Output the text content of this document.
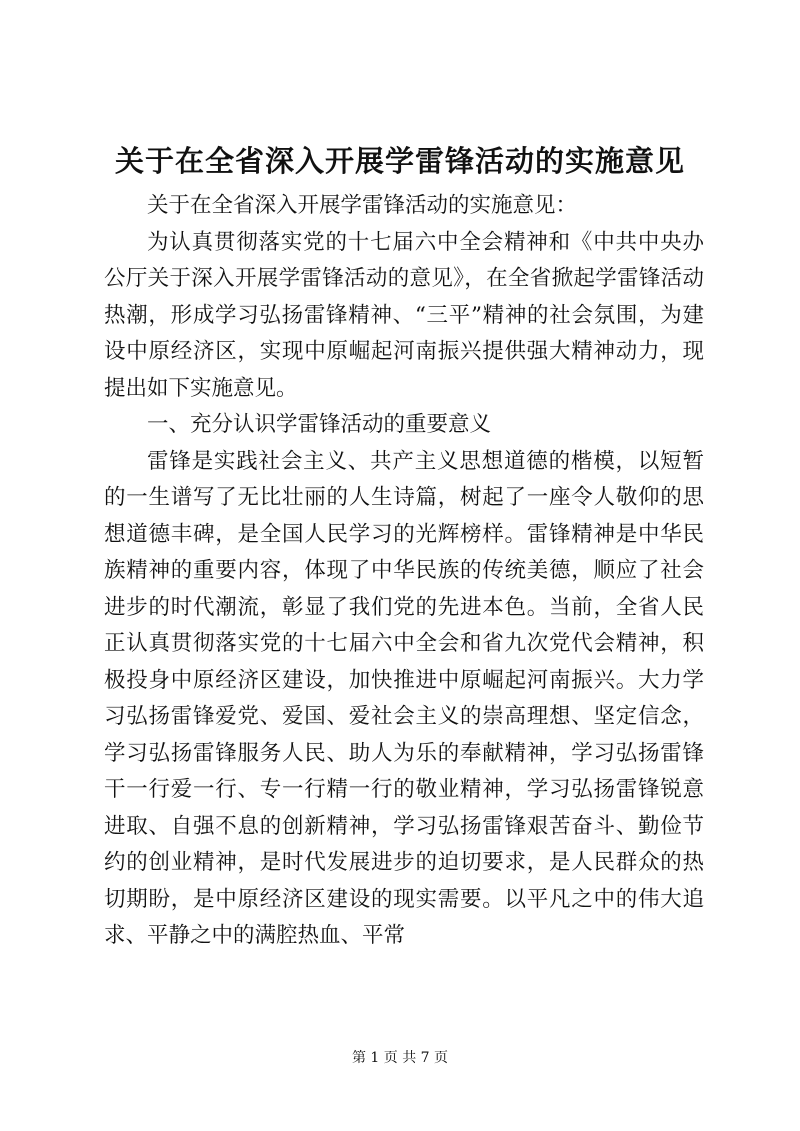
关于在全省深入开展学雷锋活动的实施意见

关于在全省深入开展学雷锋活动的实施意见：

为认真贯彻落实党的十七届六中全会精神和《中共中央办公厅关于深入开展学雷锋活动的意见》，在全省掀起学雷锋活动热潮，形成学习弘扬雷锋精神、“三平”精神的社会氛围，为建设中原经济区，实现中原崛起河南振兴提供强大精神动力，现提出如下实施意见。

一、充分认识学雷锋活动的重要意义

雷锋是实践社会主义、共产主义思想道德的楷模，以短暂的一生谱写了无比壮丽的人生诗篇，树起了一座令人敬仰的思想道德丰碑，是全国人民学习的光辉榜样。雷锋精神是中华民族精神的重要内容，体现了中华民族的传统美德，顺应了社会进步的时代潮流，彰显了我们党的先进本色。当前，全省人民正认真贯彻落实党的十七届六中全会和省九次党代会精神，积极投身中原经济区建设，加快推进中原崛起河南振兴。大力学习弘扬雷锋爱党、爱国、爱社会主义的崇高理想、坚定信念，学习弘扬雷锋服务人民、助人为乐的奉献精神，学习弘扬雷锋干一行爱一行、专一行精一行的敬业精神，学习弘扬雷锋锐意进取、自强不息的创新精神，学习弘扬雷锋艰苦奋斗、勤俭节约的创业精神，是时代发展进步的迫切要求，是人民群众的热切期盼，是中原经济区建设的现实需要。以平凡之中的伟大追求、平静之中的满腔热血、平常

第 1 页 共 7 页
